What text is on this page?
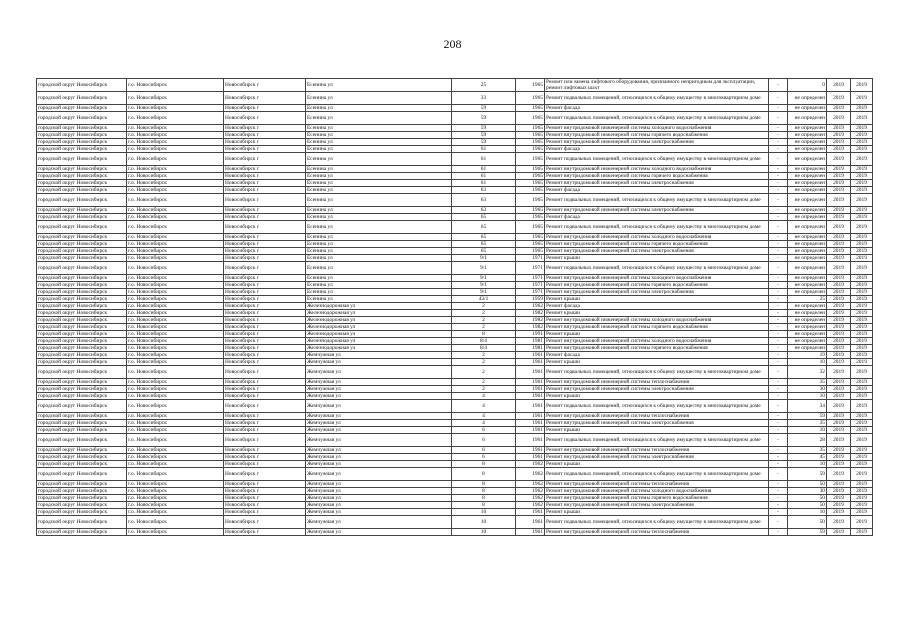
208
городской округ Новосибирск	г.о. Новосибирск	Новосибирск г	Есенина ул	25	1965	Ремонт или замена лифтового оборудования, признанного непригодным для эксплуатации, ремонт лифтовых шахт	-	0	2019	2019
городской округ Новосибирск	г.о. Новосибирск	Новосибирск г	Есенина ул	33	1965	Ремонт подвальных помещений, относящихся к общему имуществу в многоквартирном доме	-	не определен	2019	2019
городской округ Новосибирск	г.о. Новосибирск	Новосибирск г	Есенина ул	59	1965	Ремонт фасада	-	не определен	2019	2019
городской округ Новосибирск	г.о. Новосибирск	Новосибирск г	Есенина ул	59	1965	Ремонт подвальных помещений, относящихся к общему имуществу в многоквартирном доме	-	не определен	2019	2019
городской округ Новосибирск	г.о. Новосибирск	Новосибирск г	Есенина ул	59	1965	Ремонт внутридомовой инженерной системы холодного водоснабжения	-	не определен	2019	2019
городской округ Новосибирск	г.о. Новосибирск	Новосибирск г	Есенина ул	59	1965	Ремонт внутридомовой инженерной системы горячего водоснабжения	-	не определен	2019	2019
городской округ Новосибирск	г.о. Новосибирск	Новосибирск г	Есенина ул	59	1965	Ремонт внутридомовой инженерной системы электроснабжения	-	не определен	2019	2019
городской округ Новосибирск	г.о. Новосибирск	Новосибирск г	Есенина ул	61	1965	Ремонт фасада	-	не определен	2019	2019
городской округ Новосибирск	г.о. Новосибирск	Новосибирск г	Есенина ул	61	1965	Ремонт подвальных помещений, относящихся к общему имуществу в многоквартирном доме	-	не определен	2019	2019
городской округ Новосибирск	г.о. Новосибирск	Новосибирск г	Есенина ул	61	1965	Ремонт внутридомовой инженерной системы холодного водоснабжения	-	не определен	2019	2019
городской округ Новосибирск	г.о. Новосибирск	Новосибирск г	Есенина ул	61	1965	Ремонт внутридомовой инженерной системы горячего водоснабжения	-	не определен	2019	2019
городской округ Новосибирск	г.о. Новосибирск	Новосибирск г	Есенина ул	61	1965	Ремонт внутридомовой инженерной системы электроснабжения	-	не определен	2019	2019
городской округ Новосибирск	г.о. Новосибирск	Новосибирск г	Есенина ул	63	1965	Ремонт фасада	-	не определен	2019	2019
городской округ Новосибирск	г.о. Новосибирск	Новосибирск г	Есенина ул	63	1965	Ремонт подвальных помещений, относящихся к общему имуществу в многоквартирном доме	-	не определен	2019	2019
городской округ Новосибирск	г.о. Новосибирск	Новосибирск г	Есенина ул	63	1965	Ремонт внутридомовой инженерной системы электроснабжения	-	не определен	2019	2019
городской округ Новосибирск	г.о. Новосибирск	Новосибирск г	Есенина ул	65	1965	Ремонт фасада	-	не определен	2019	2019
городской округ Новосибирск	г.о. Новосибирск	Новосибирск г	Есенина ул	65	1965	Ремонт подвальных помещений, относящихся к общему имуществу в многоквартирном доме	-	не определен	2019	2019
городской округ Новосибирск	г.о. Новосибирск	Новосибирск г	Есенина ул	65	1965	Ремонт внутридомовой инженерной системы холодного водоснабжения	-	не определен	2019	2019
городской округ Новосибирск	г.о. Новосибирск	Новосибирск г	Есенина ул	65	1965	Ремонт внутридомовой инженерной системы горячего водоснабжения	-	не определен	2019	2019
городской округ Новосибирск	г.о. Новосибирск	Новосибирск г	Есенина ул	65	1965	Ремонт внутридомовой инженерной системы электроснабжения	-	не определен	2019	2019
городской округ Новосибирск	г.о. Новосибирск	Новосибирск г	Есенина ул	9/1	1971	Ремонт крыши	-	не определен	2019	2019
городской округ Новосибирск	г.о. Новосибирск	Новосибирск г	Есенина ул	9/1	1971	Ремонт подвальных помещений, относящихся к общему имуществу в многоквартирном доме	-	не определен	2019	2019
городской округ Новосибирск	г.о. Новосибирск	Новосибирск г	Есенина ул	9/1	1971	Ремонт внутридомовой инженерной системы холодного водоснабжения	-	не определен	2019	2019
городской округ Новосибирск	г.о. Новосибирск	Новосибирск г	Есенина ул	9/1	1971	Ремонт внутридомовой инженерной системы горячего водоснабжения	-	не определен	2019	2019
городской округ Новосибирск	г.о. Новосибирск	Новосибирск г	Есенина ул	9/1	1971	Ремонт внутридомовой инженерной системы электроснабжения	-	не определен	2019	2019
городской округ Новосибирск	г.о. Новосибирск	Новосибирск г	Есенина ул	43/1	1959	Ремонт крыши	-	25	2019	2019
городской округ Новосибирск	г.о. Новосибирск	Новосибирск г	Железнодорожная ул	2	1962	Ремонт фасада	-	не определен	2019	2019
городской округ Новосибирск	г.о. Новосибирск	Новосибирск г	Железнодорожная ул	2	1982	Ремонт крыши	-	не определен	2019	2019
городской округ Новосибирск	г.о. Новосибирск	Новосибирск г	Железнодорожная ул	2	1982	Ремонт внутридомовой инженерной системы холодного водоснабжения	-	не определен	2019	2019
городской округ Новосибирск	г.о. Новосибирск	Новосибирск г	Железнодорожная ул	2	1982	Ремонт внутридомовой инженерной системы горячего водоснабжения	-	не определен	2019	2019
городской округ Новосибирск	г.о. Новосибирск	Новосибирск г	Железнодорожная ул	8	1991	Ремонт крыши	-	не определен	2019	2019
городской округ Новосибирск	г.о. Новосибирск	Новосибирск г	Железнодорожная ул	8/4	1981	Ремонт внутридомовой инженерной системы холодного водоснабжения	-	не определен	2019	2019
городской округ Новосибирск	г.о. Новосибирск	Новосибирск г	Железнодорожная ул	8/4	1981	Ремонт внутридомовой инженерной системы горячего водоснабжения	-	не определен	2019	2019
городской округ Новосибирск	г.о. Новосибирск	Новосибирск г	Жемчужная ул	2	1961	Ремонт фасада	-	19	2019	2019
городской округ Новосибирск	г.о. Новосибирск	Новосибирск г	Жемчужная ул	2	1961	Ремонт крыши	-	10	2019	2019
городской округ Новосибирск	г.о. Новосибирск	Новосибирск г	Жемчужная ул	2	1961	Ремонт подвальных помещений, относящихся к общему имуществу в многоквартирном доме	-	32	2019	2019
городской округ Новосибирск	г.о. Новосибирск	Новосибирск г	Жемчужная ул	2	1961	Ремонт внутридомовой инженерной системы теплоснабжения	-	35	2019	2019
городской округ Новосибирск	г.о. Новосибирск	Новосибирск г	Жемчужная ул	2	1961	Ремонт внутридомовой инженерной системы электроснабжения	-	30	2019	2019
городской округ Новосибирск	г.о. Новосибирск	Новосибирск г	Жемчужная ул	4	1961	Ремонт крыши	-	10	2019	2019
городской округ Новосибирск	г.о. Новосибирск	Новосибирск г	Жемчужная ул	4	1961	Ремонт подвальных помещений, относящихся к общему имуществу в многоквартирном доме	-	34	2019	2019
городской округ Новосибирск	г.о. Новосибирск	Новосибирск г	Жемчужная ул	4	1961	Ремонт внутридомовой инженерной системы теплоснабжения	-	59	2019	2019
городской округ Новосибирск	г.о. Новосибирск	Новосибирск г	Жемчужная ул	4	1961	Ремонт внутридомовой инженерной системы электроснабжения	-	35	2019	2019
городской округ Новосибирск	г.о. Новосибирск	Новосибирск г	Жемчужная ул	6	1961	Ремонт крыши	-	10	2019	2019
городской округ Новосибирск	г.о. Новосибирск	Новосибирск г	Жемчужная ул	6	1961	Ремонт подвальных помещений, относящихся к общему имуществу в многоквартирном доме	-	28	2019	2019
городской округ Новосибирск	г.о. Новосибирск	Новосибирск г	Жемчужная ул	6	1961	Ремонт внутридомовой инженерной системы теплоснабжения	-	35	2019	2019
городской округ Новосибирск	г.о. Новосибирск	Новосибирск г	Жемчужная ул	6	1961	Ремонт внутридомовой инженерной системы электроснабжения	-	45	2019	2019
городской округ Новосибирск	г.о. Новосибирск	Новосибирск г	Жемчужная ул	8	1962	Ремонт крыши	-	10	2019	2019
городской округ Новосибирск	г.о. Новосибирск	Новосибирск г	Жемчужная ул	8	1962	Ремонт подвальных помещений, относящихся к общему имуществу в многоквартирном доме	-	59	2019	2019
городской округ Новосибирск	г.о. Новосибирск	Новосибирск г	Жемчужная ул	8	1962	Ремонт внутридомовой инженерной системы теплоснабжения	-	50	2019	2019
городской округ Новосибирск	г.о. Новосибирск	Новосибирск г	Жемчужная ул	8	1962	Ремонт внутридомовой инженерной системы холодного водоснабжения	-	30	2019	2019
городской округ Новосибирск	г.о. Новосибирск	Новосибирск г	Жемчужная ул	8	1962	Ремонт внутридомовой инженерной системы горячего водоснабжения	-	50	2019	2019
городской округ Новосибирск	г.о. Новосибирск	Новосибирск г	Жемчужная ул	8	1962	Ремонт внутридомовой инженерной системы электроснабжения	-	50	2019	2019
городской округ Новосибирск	г.о. Новосибирск	Новосибирск г	Жемчужная ул	10	1961	Ремонт крыши	-	10	2019	2019
городской округ Новосибирск	г.о. Новосибирск	Новосибирск г	Жемчужная ул	10	1961	Ремонт подвальных помещений, относящихся к общему имуществу в многоквартирном доме	-	50	2019	2019
городской округ Новосибирск	г.о. Новосибирск	Новосибирск г	Жемчужная ул	10	1961	Ремонт внутридомовой инженерной системы теплоснабжения	-	59	2019	2019
